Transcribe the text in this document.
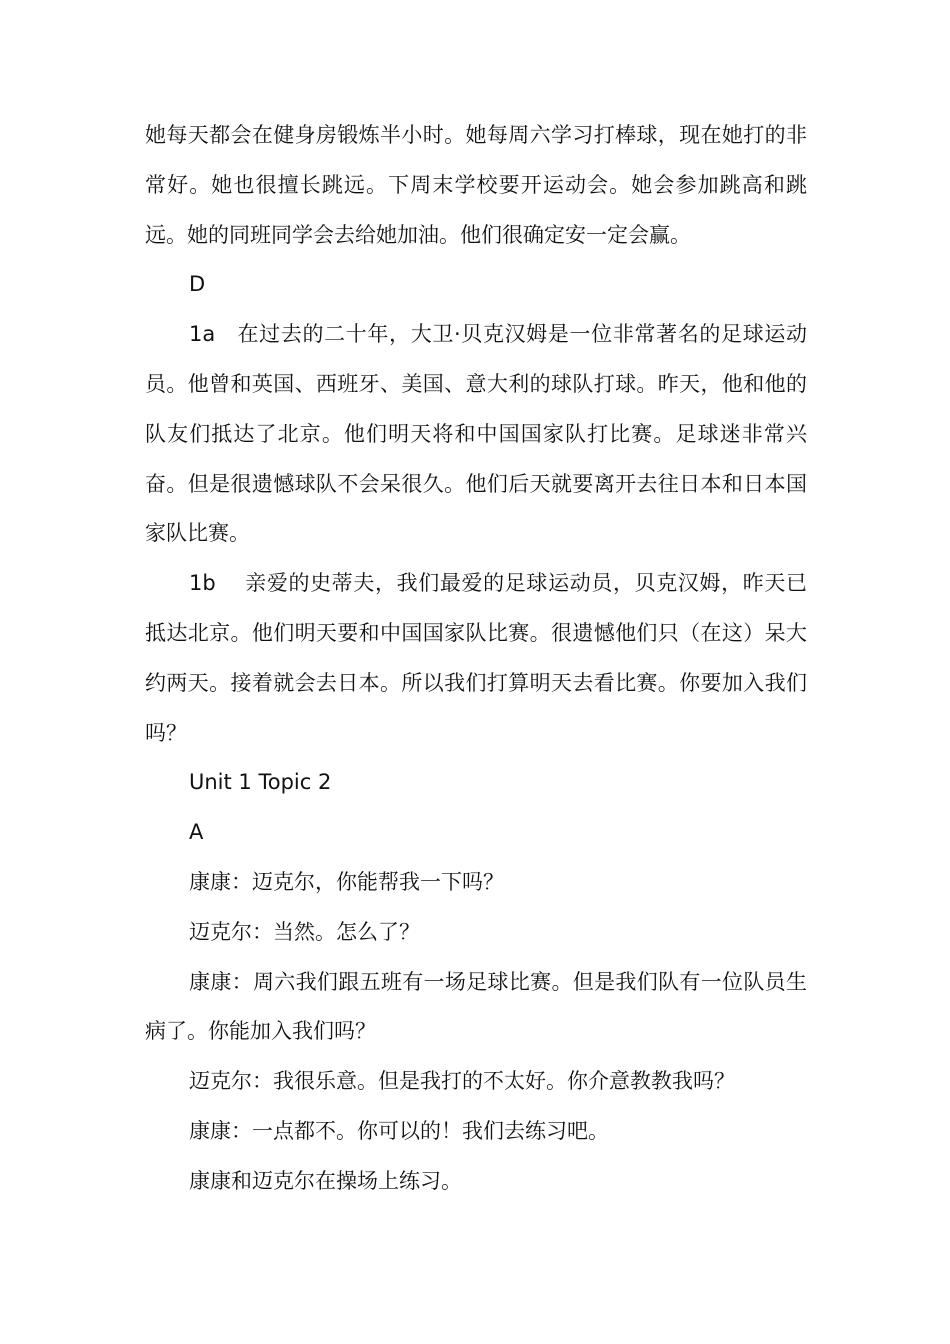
她每天都会在健身房锻炼半小时。她每周六学习打棒球，现在她打的非常好。她也很擅长跳远。下周末学校要开运动会。她会参加跳高和跳远。她的同班同学会去给她加油。他们很确定安一定会赢。

D

1a　在过去的二十年，大卫·贝克汉姆是一位非常著名的足球运动员。他曾和英国、西班牙、美国、意大利的球队打球。昨天，他和他的队友们抵达了北京。他们明天将和中国国家队打比赛。足球迷非常兴奋。但是很遗憾球队不会呆很久。他们后天就要离开去往日本和日本国家队比赛。

1b　 亲爱的史蒂夫，我们最爱的足球运动员，贝克汉姆，昨天已抵达北京。他们明天要和中国国家队比赛。很遗憾他们只（在这）呆大约两天。接着就会去日本。所以我们打算明天去看比赛。你要加入我们吗？

Unit 1 Topic 2

A

康康：迈克尔，你能帮我一下吗？

迈克尔：当然。怎么了？

康康：周六我们跟五班有一场足球比赛。但是我们队有一位队员生病了。你能加入我们吗？

迈克尔：我很乐意。但是我打的不太好。你介意教教我吗？

康康：一点都不。你可以的！我们去练习吧。

康康和迈克尔在操场上练习。
